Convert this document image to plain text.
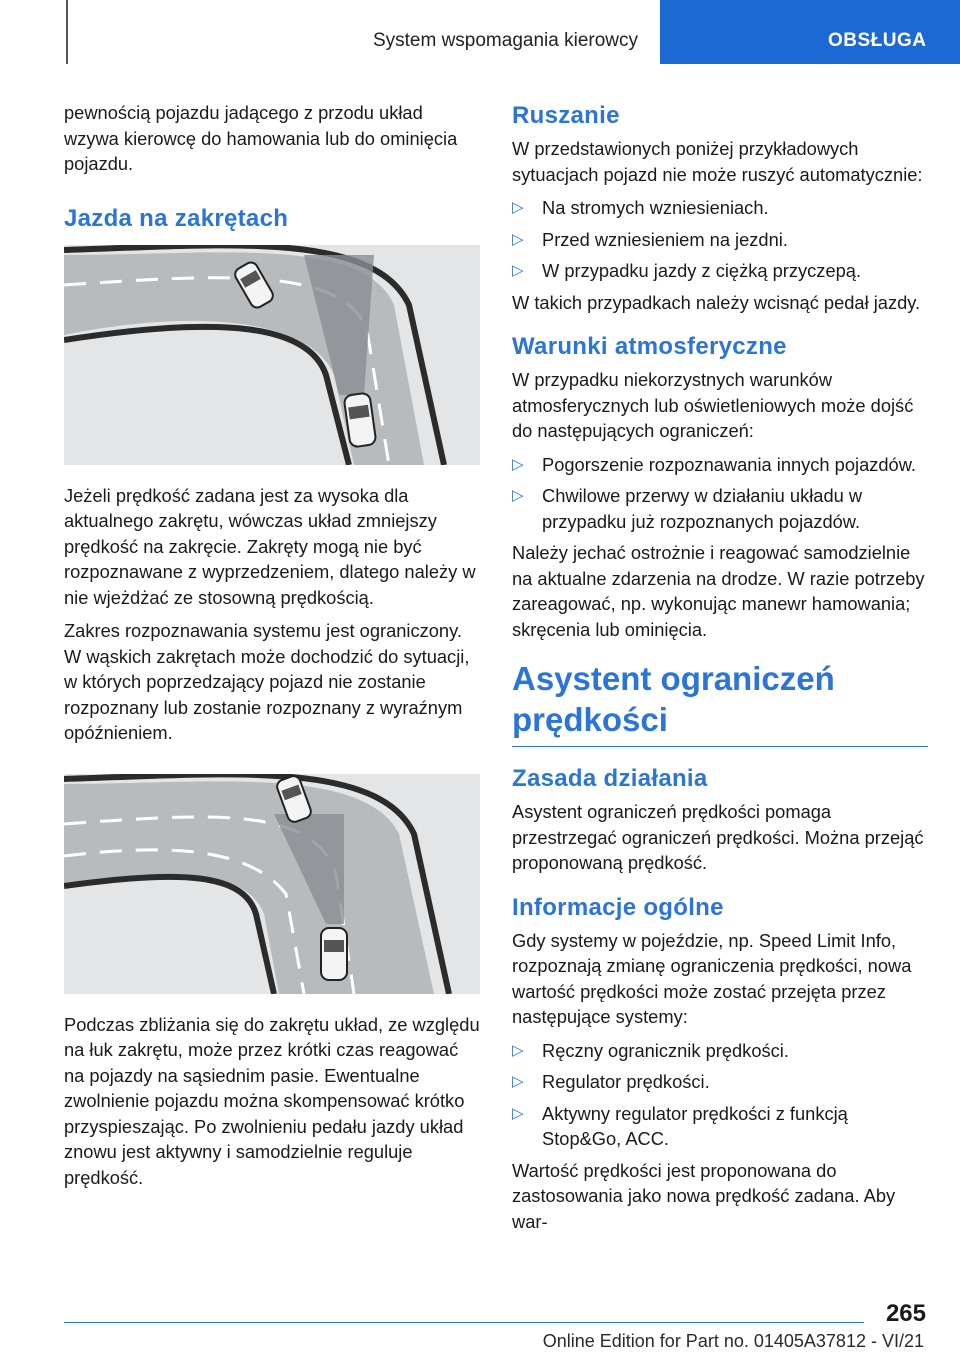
System wspomagania kierowcy	OBSŁUGA

pewnością pojazdu jadącego z przodu układ wzywa kierowcę do hamowania lub do ominięcia pojazdu.

Jazda na zakrętach

Jeżeli prędkość zadana jest za wysoka dla aktualnego zakrętu, wówczas układ zmniejszy prędkość na zakręcie. Zakręty mogą nie być rozpoznawane z wyprzedzeniem, dlatego należy w nie wjeżdżać ze stosowną prędkością.

Zakres rozpoznawania systemu jest ograniczony. W wąskich zakrętach może dochodzić do sytuacji, w których poprzedzający pojazd nie zostanie rozpoznany lub zostanie rozpoznany z wyraźnym opóźnieniem.

Podczas zbliżania się do zakrętu układ, ze względu na łuk zakrętu, może przez krótki czas reagować na pojazdy na sąsiednim pasie. Ewentualne zwolnienie pojazdu można skompensować krótko przyspieszając. Po zwolnieniu pedału jazdy układ znowu jest aktywny i samodzielnie reguluje prędkość.

Ruszanie

W przedstawionych poniżej przykładowych sytuacjach pojazd nie może ruszyć automatycznie:

▷ Na stromych wzniesieniach.
▷ Przed wzniesieniem na jezdni.
▷ W przypadku jazdy z ciężką przyczepą.

W takich przypadkach należy wcisnąć pedał jazdy.

Warunki atmosferyczne

W przypadku niekorzystnych warunków atmosferycznych lub oświetleniowych może dojść do następujących ograniczeń:

▷ Pogorszenie rozpoznawania innych pojazdów.
▷ Chwilowe przerwy w działaniu układu w przypadku już rozpoznanych pojazdów.

Należy jechać ostrożnie i reagować samodzielnie na aktualne zdarzenia na drodze. W razie potrzeby zareagować, np. wykonując manewr hamowania; skręcenia lub ominięcia.

Asystent ograniczeń prędkości
Zasada działania

Asystent ograniczeń prędkości pomaga przestrzegać ograniczeń prędkości. Można przejąć proponowaną prędkość.

Informacje ogólne

Gdy systemy w pojeździe, np. Speed Limit Info, rozpoznają zmianę ograniczenia prędkości, nowa wartość prędkości może zostać przejęta przez następujące systemy:

▷ Ręczny ogranicznik prędkości.
▷ Regulator prędkości.
▷ Aktywny regulator prędkości z funkcją Stop&Go, ACC.

Wartość prędkości jest proponowana do zastosowania jako nowa prędkość zadana. Aby war-

265
Online Edition for Part no. 01405A37812 - VI/21
